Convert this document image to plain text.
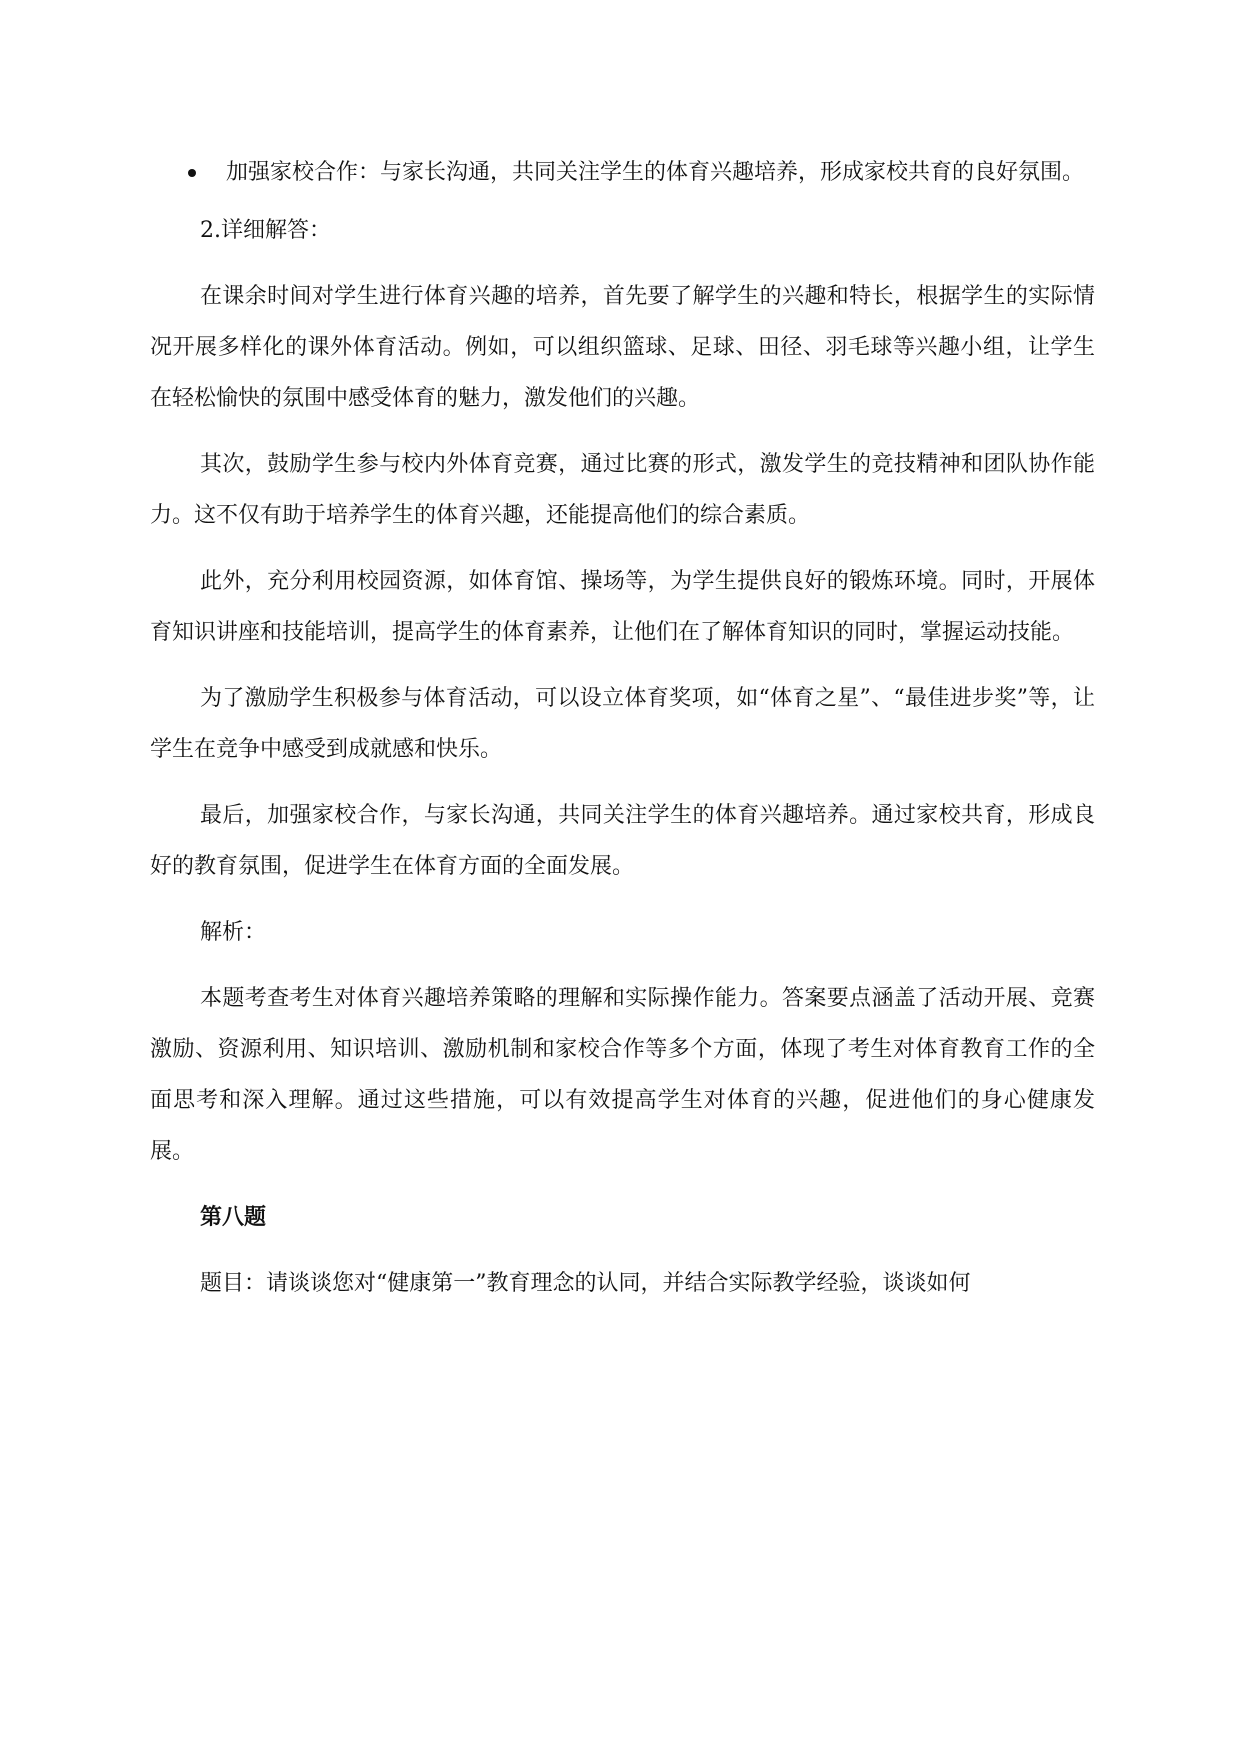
加强家校合作：与家长沟通，共同关注学生的体育兴趣培养，形成家校共育的良好氛围。

2.详细解答：

在课余时间对学生进行体育兴趣的培养，首先要了解学生的兴趣和特长，根据学生的实际情况开展多样化的课外体育活动。例如，可以组织篮球、足球、田径、羽毛球等兴趣小组，让学生在轻松愉快的氛围中感受体育的魅力，激发他们的兴趣。

其次，鼓励学生参与校内外体育竞赛，通过比赛的形式，激发学生的竞技精神和团队协作能力。这不仅有助于培养学生的体育兴趣，还能提高他们的综合素质。

此外，充分利用校园资源，如体育馆、操场等，为学生提供良好的锻炼环境。同时，开展体育知识讲座和技能培训，提高学生的体育素养，让他们在了解体育知识的同时，掌握运动技能。

为了激励学生积极参与体育活动，可以设立体育奖项，如“体育之星”、“最佳进步奖”等，让学生在竞争中感受到成就感和快乐。

最后，加强家校合作，与家长沟通，共同关注学生的体育兴趣培养。通过家校共育，形成良好的教育氛围，促进学生在体育方面的全面发展。

解析：

本题考查考生对体育兴趣培养策略的理解和实际操作能力。答案要点涵盖了活动开展、竞赛激励、资源利用、知识培训、激励机制和家校合作等多个方面，体现了考生对体育教育工作的全面思考和深入理解。通过这些措施，可以有效提高学生对体育的兴趣，促进他们的身心健康发展。

第八题

题目：请谈谈您对“健康第一”教育理念的认同，并结合实际教学经验，谈谈如何
